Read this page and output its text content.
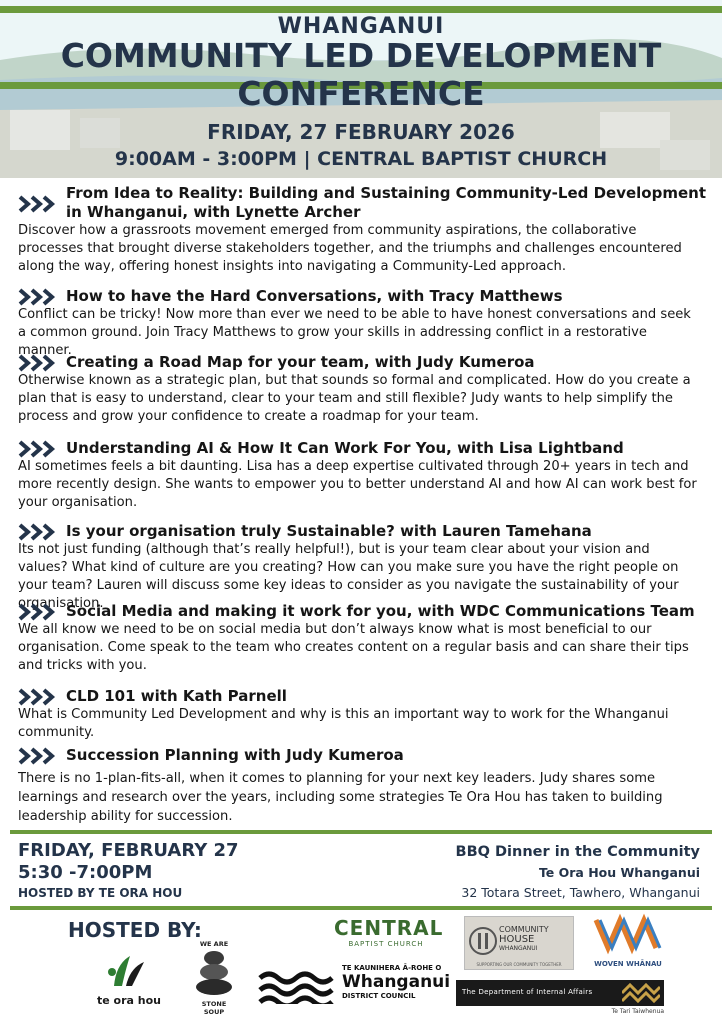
WHANGANUI
COMMUNITY LED DEVELOPMENT
CONFERENCE
FRIDAY, 27 FEBRUARY 2026
9:00AM - 3:00PM | CENTRAL BAPTIST CHURCH
From Idea to Reality: Building and Sustaining Community-Led Development in Whanganui, with Lynette Archer
Discover how a grassroots movement emerged from community aspirations, the collaborative processes that brought diverse stakeholders together, and the triumphs and challenges encountered along the way, offering honest insights into navigating a Community-Led approach.
How to have the Hard Conversations, with Tracy Matthews
Conflict can be tricky! Now more than ever we need to be able to have honest conversations and seek a common ground. Join Tracy Matthews to grow your skills in addressing conflict in a restorative manner.
Creating a Road Map for your team, with Judy Kumeroa
Otherwise known as a strategic plan, but that sounds so formal and complicated. How do you create a plan that is easy to understand, clear to your team and still flexible? Judy wants to help simplify the process and grow your confidence to create a roadmap for your team.
Understanding AI & How It Can Work For You, with Lisa Lightband
AI sometimes feels a bit daunting. Lisa has a deep expertise cultivated through 20+ years in tech and more recently design. She wants to empower you to better understand AI and how AI can work best for your organisation.
Is your organisation truly Sustainable? with Lauren Tamehana
Its not just funding (although that’s really helpful!), but is your team clear about your vision and values? What kind of culture are you creating? How can you make sure you have the right people on your team? Lauren will discuss some key ideas to consider as you navigate the sustainability of your organisation.
Social Media and making it work for you, with WDC Communications Team
We all know we need to be on social media but don’t always know what is most beneficial to our organisation. Come speak to the team who creates content on a regular basis and can share their tips and tricks with you.
CLD 101 with Kath Parnell
What is Community Led Development and why is this an important way to work for the Whanganui community.
Succession Planning with Judy Kumeroa
There is no 1-plan-fits-all, when it comes to planning for your next key leaders. Judy shares some learnings and research over the years, including some strategies Te Ora Hou has taken to building leadership ability for succession.
FRIDAY, FEBRUARY 27
5:30 -7:00PM
HOSTED BY TE ORA HOU
BBQ Dinner in the Community
Te Ora Hou Whanganui
32 Totara Street, Tawhero, Whanganui
HOSTED BY:
te ora hou
WE ARE
STONE SOUP
CENTRAL
BAPTIST CHURCH
TE KAUNIHERA Ā-ROHE O
Whanganui
DISTRICT COUNCIL
COMMUNITY
HOUSE
WHANGANUI
SUPPORTING OUR COMMUNITY TOGETHER	WOVEN WHĀNAU
The Department of Internal Affairs
Te Tari Taiwhenua
